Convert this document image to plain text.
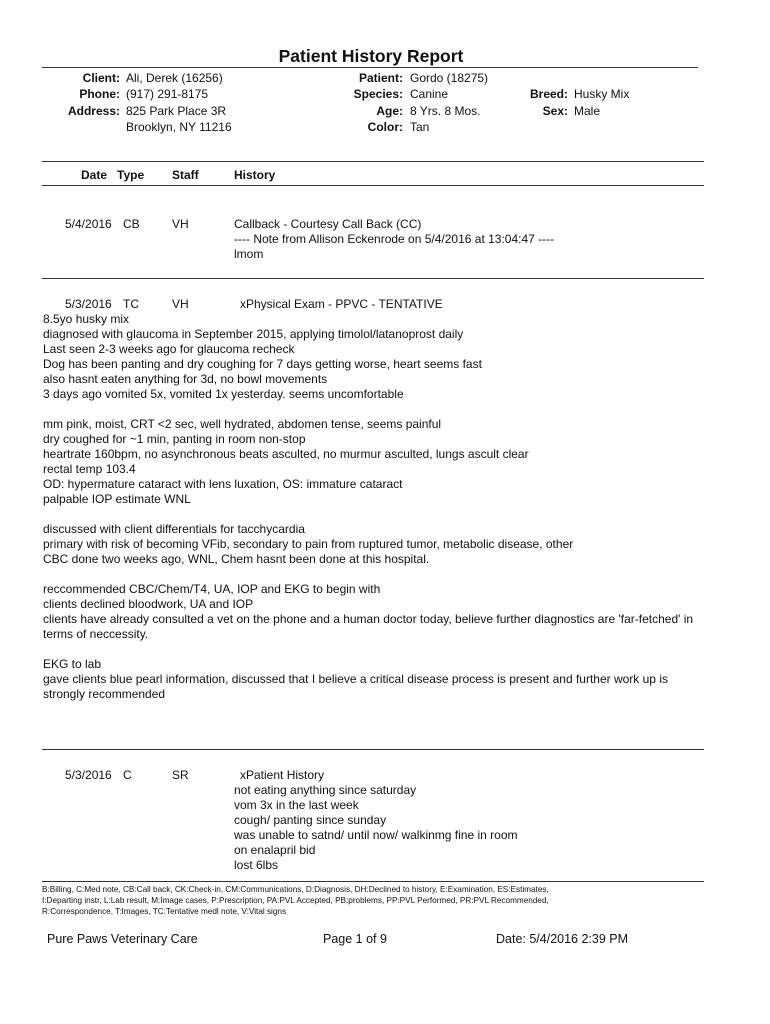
Patient History Report
Client: Ali, Derek (16256)
Phone: (917) 291-8175
Address: 825 Park Place 3R
Brooklyn, NY 11216
Patient: Gordo (18275)
Species: Canine
Age: 8 Yrs. 8 Mos.
Color: Tan
Breed: Husky Mix
Sex: Male
Date Type Staff	History
5/4/2016 CB	VH	Callback - Courtesy Call Back (CC)
---- Note from Allison Eckenrode on 5/4/2016 at 13:04:47 ----
lmom
5/3/2016 TC	VH	xPhysical Exam - PPVC - TENTATIVE
8.5yo husky mix
diagnosed with glaucoma in September 2015, applying timolol/latanoprost daily
Last seen 2-3 weeks ago for glaucoma recheck
Dog has been panting and dry coughing for 7 days getting worse, heart seems fast
also hasnt eaten anything for 3d, no bowl movements
3 days ago vomited 5x, vomited 1x yesterday. seems uncomfortable
mm pink, moist, CRT <2 sec, well hydrated, abdomen tense, seems painful
dry coughed for ~1 min, panting in room non-stop
heartrate 160bpm, no asynchronous beats asculted, no murmur asculted, lungs ascult clear
rectal temp 103.4
OD: hypermature cataract with lens luxation, OS: immature cataract
palpable IOP estimate WNL
discussed with client differentials for tacchycardia
primary with risk of becoming VFib, secondary to pain from ruptured tumor, metabolic disease, other
CBC done two weeks ago, WNL, Chem hasnt been done at this hospital.
reccommended CBC/Chem/T4, UA, IOP and EKG to begin with
clients declined bloodwork, UA and IOP
clients have already consulted a vet on the phone and a human doctor today, believe further diagnostics are 'far-fetched' in
terms of neccessity.
EKG to lab
gave clients blue pearl information, discussed that I believe a critical disease process is present and further work up is
strongly recommended
5/3/2016 C	SR	xPatient History
not eating anything since saturday
vom 3x in the last week
cough/ panting since sunday
was unable to satnd/ until now/ walkinmg fine in room
on enalapril bid
lost 6lbs
B:Billing, C:Med note, CB:Call back, CK:Check-in, CM:Communications, D:Diagnosis, DH:Declined to history, E:Examination, ES:Estimates,
I:Departing instr, L:Lab result, M:Image cases, P:Prescription, PA:PVL Accepted, PB:problems, PP:PVL Performed, PR:PVL Recommended,
R:Correspondence, T:Images, TC:Tentative medl note, V:Vital signs
Pure Paws Veterinary Care	Page 1 of 9	Date: 5/4/2016 2:39 PM
